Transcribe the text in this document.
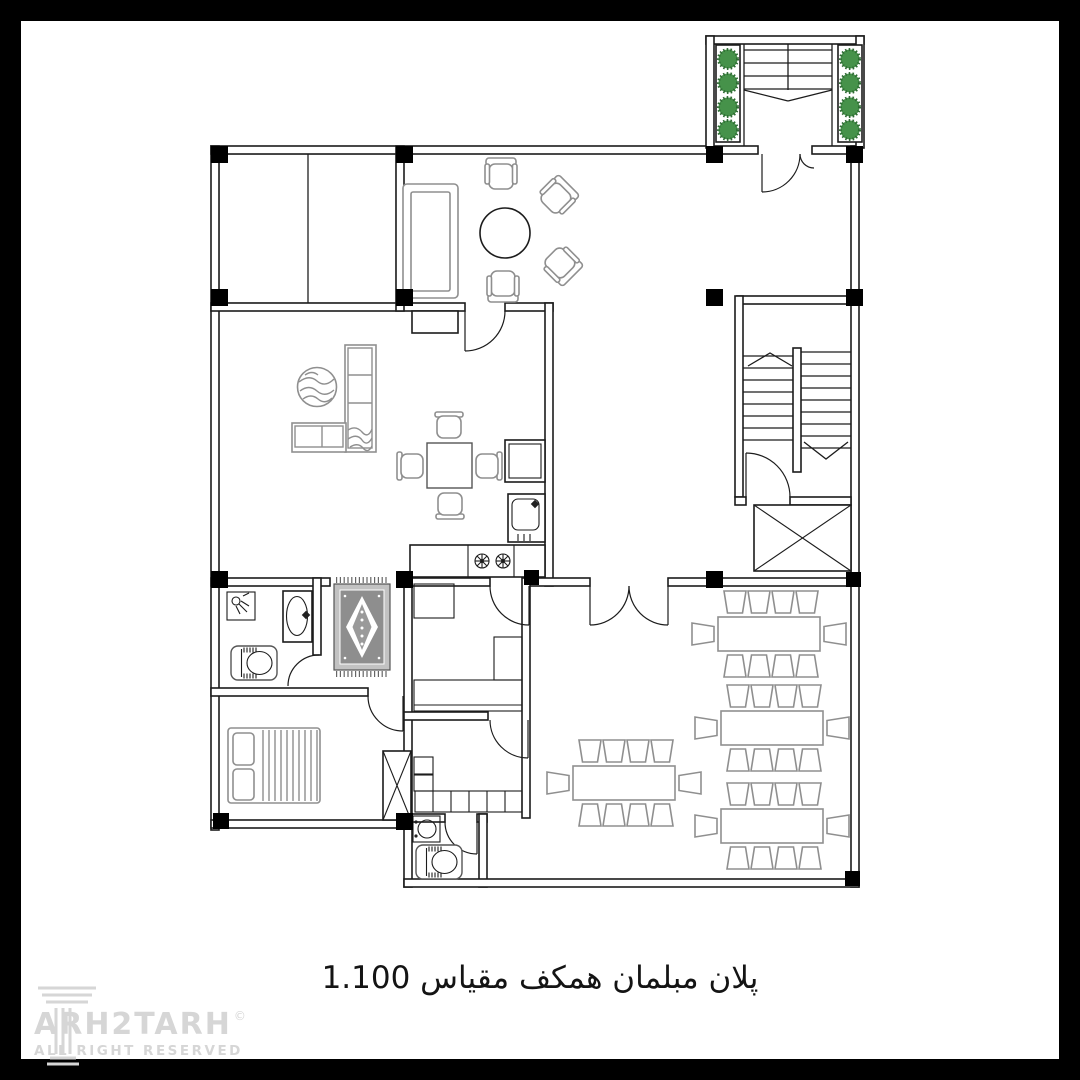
پلان مبلمان همکف مقیاس 1.100
ARH2TARH ©
ALL RIGHT RESERVED
